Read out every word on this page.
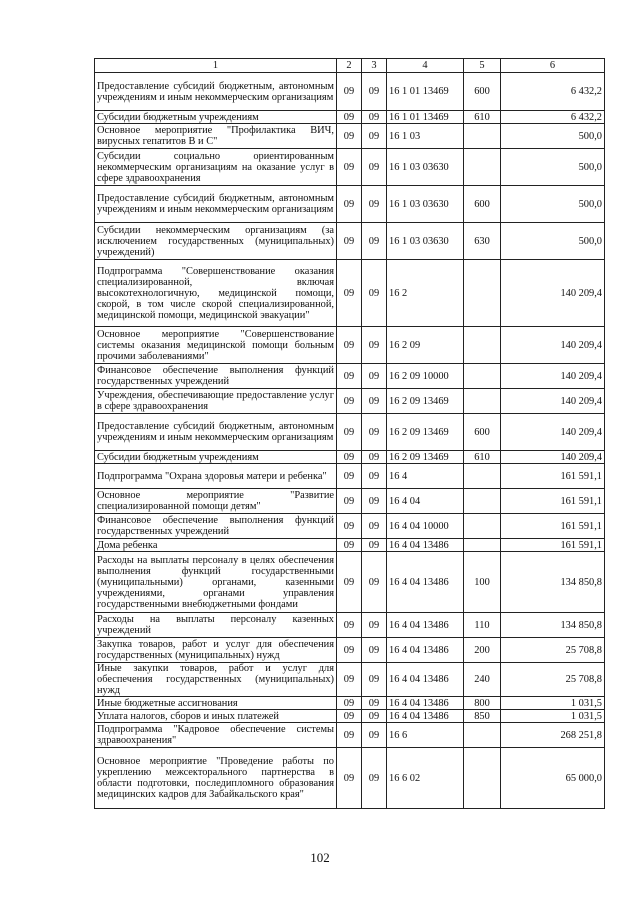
1	2	3	4	5	6
Предоставление субсидий бюджетным, автономным учреждениям и иным некоммерческим организациям	09	09	16 1 01 13469	600	6 432,2
Субсидии бюджетным учреждениям	09	09	16 1 01 13469	610	6 432,2
Основное мероприятие "Профилактика ВИЧ, вирусных гепатитов В и С"	09	09	16 1 03		500,0
Субсидии социально ориентированным некоммерческим организациям на оказание услуг в сфере здравоохранения	09	09	16 1 03 03630		500,0
Предоставление субсидий бюджетным, автономным учреждениям и иным некоммерческим организациям	09	09	16 1 03 03630	600	500,0
Субсидии некоммерческим организациям (за исключением государственных (муниципальных) учреждений)	09	09	16 1 03 03630	630	500,0
Подпрограмма "Совершенствование оказания специализированной, включая высокотехнологичную, медицинской помощи, скорой, в том числе скорой специализированной, медицинской помощи, медицинской эвакуации"	09	09	16 2		140 209,4
Основное мероприятие "Совершенствование системы оказания медицинской помощи больным прочими заболеваниями"	09	09	16 2 09		140 209,4
Финансовое обеспечение выполнения функций государственных учреждений	09	09	16 2 09 10000		140 209,4
Учреждения, обеспечивающие предоставление услуг в сфере здравоохранения	09	09	16 2 09 13469		140 209,4
Предоставление субсидий бюджетным, автономным учреждениям и иным некоммерческим организациям	09	09	16 2 09 13469	600	140 209,4
Субсидии бюджетным учреждениям	09	09	16 2 09 13469	610	140 209,4
Подпрограмма "Охрана здоровья матери и ребенка"	09	09	16 4		161 591,1
Основное мероприятие "Развитие специализированной помощи детям"	09	09	16 4 04		161 591,1
Финансовое обеспечение выполнения функций государственных учреждений	09	09	16 4 04 10000		161 591,1
Дома ребенка	09	09	16 4 04 13486		161 591,1
Расходы на выплаты персоналу в целях обеспечения выполнения функций государственными (муниципальными) органами, казенными учреждениями, органами управления государственными внебюджетными фондами	09	09	16 4 04 13486	100	134 850,8
Расходы на выплаты персоналу казенных учреждений	09	09	16 4 04 13486	110	134 850,8
Закупка товаров, работ и услуг для обеспечения государственных (муниципальных) нужд	09	09	16 4 04 13486	200	25 708,8
Иные закупки товаров, работ и услуг для обеспечения государственных (муниципальных) нужд	09	09	16 4 04 13486	240	25 708,8
Иные бюджетные ассигнования	09	09	16 4 04 13486	800	1 031,5
Уплата налогов, сборов и иных платежей	09	09	16 4 04 13486	850	1 031,5
Подпрограмма "Кадровое обеспечение системы здравоохранения"	09	09	16 6		268 251,8
Основное мероприятие "Проведение работы по укреплению межсекторального партнерства в области подготовки, последипломного образования медицинских кадров для Забайкальского края"	09	09	16 6 02		65 000,0
102
